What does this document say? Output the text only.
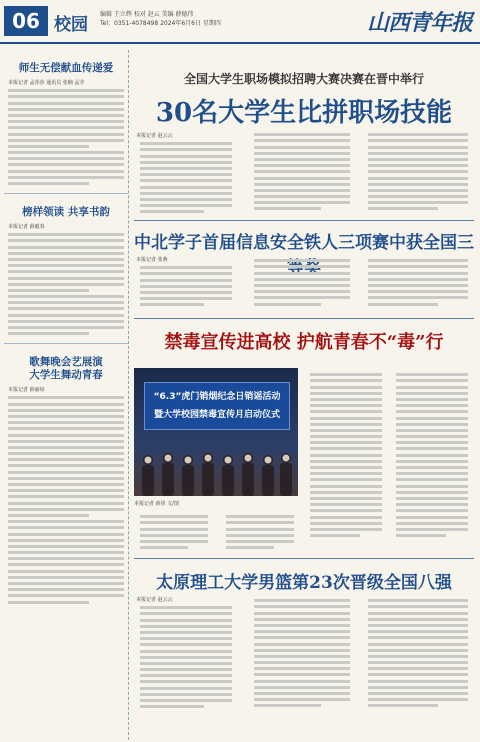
06 校园
编辑 王立辉 校对 赵云 美编 薛德伟
Tel：0351-4078498 2024年6月6日 星期四	山西青年报
师生无偿献血传递爱
本报记者 孟莎莎 通讯员 张楠 孟莹
榜样领读 共享书韵
本报记者 薛毅春
歌舞晚会艺展演
大学生舞动青春
本报记者 薛丽琼
全国大学生职场模拟招聘大赛决赛在晋中举行
30名大学生比拼职场技能
本报记者 赵云云
中北学子首届信息安全铁人三项赛中获全国三
本报记者 张燕
禁毒宣传进高校 护航青春不“毒”行
“6.3”虎门销烟纪念日销谣活动
暨大学校园禁毒宣传月启动仪式
本报记者 薛彤 文/图
太原理工大学男篮第23次晋级全国八强
本报记者 赵云云
